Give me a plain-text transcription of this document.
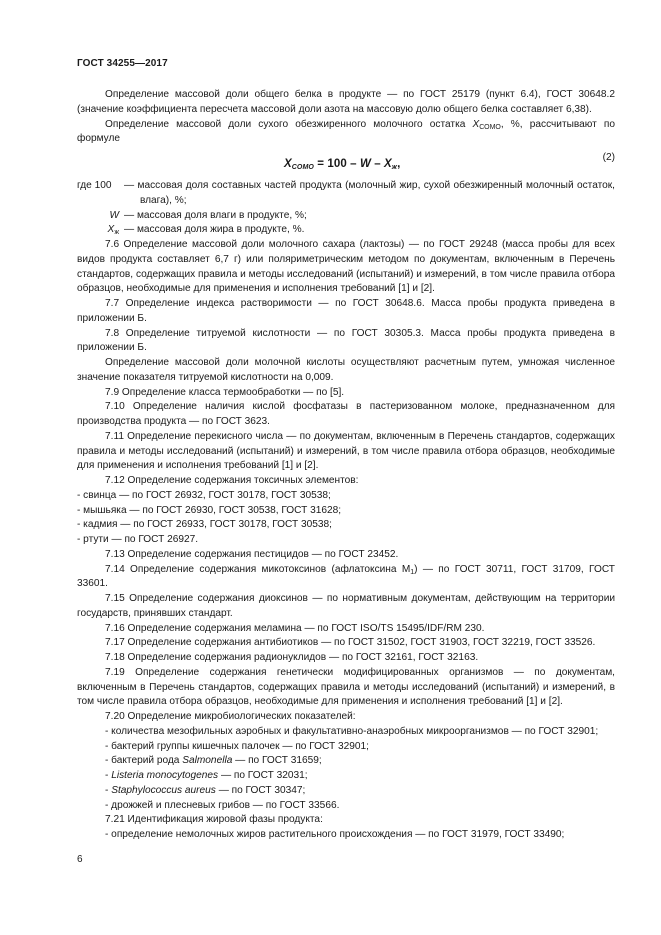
ГОСТ 34255—2017

Определение массовой доли общего белка в продукте — по ГОСТ 25179 (пункт 6.4), ГОСТ 30648.2 (значение коэффициента пересчета массовой доли азота на массовую долю общего белка составляет 6,38).

Определение массовой доли сухого обезжиренного молочного остатка $X_{СОМО}$, %, рассчитывают по формуле

$X_{СОМО} = 100 - W - X_ж$,
(2)
где 100	— массовая доля составных частей продукта (молочный жир, сухой обезжиренный молочный остаток, влага), %;
W — массовая доля влаги в продукте, %;
$X_ж$ — массовая доля жира в продукте, %.

7.6 Определение массовой доли молочного сахара (лактозы) — по ГОСТ 29248 (масса пробы для всех видов продукта составляет 6,7 г) или поляриметрическим методом по документам, включенным в Перечень стандартов, содержащих правила и методы исследований (испытаний) и измерений, в том числе правила отбора образцов, необходимые для применения и исполнения требований [1] и [2].

7.7 Определение индекса растворимости — по ГОСТ 30648.6. Масса пробы продукта приведена в приложении Б.

7.8 Определение титруемой кислотности — по ГОСТ 30305.3. Масса пробы продукта приведена в приложении Б.

Определение массовой доли молочной кислоты осуществляют расчетным путем, умножая численное значение показателя титруемой кислотности на 0,009.

7.9 Определение класса термообработки — по [5].

7.10 Определение наличия кислой фосфатазы в пастеризованном молоке, предназначенном для производства продукта — по ГОСТ 3623.

7.11 Определение перекисного числа — по документам, включенным в Перечень стандартов, содержащих правила и методы исследований (испытаний) и измерений, в том числе правила отбора образцов, необходимые для применения и исполнения требований [1] и [2].

7.12 Определение содержания токсичных элементов:

- свинца — по ГОСТ 26932, ГОСТ 30178, ГОСТ 30538;

- мышьяка — по ГОСТ 26930, ГОСТ 30538, ГОСТ 31628;

- кадмия — по ГОСТ 26933, ГОСТ 30178, ГОСТ 30538;

- ртути — по ГОСТ 26927.

7.13 Определение содержания пестицидов — по ГОСТ 23452.

7.14 Определение содержания микотоксинов (афлатоксина $М_1$) — по ГОСТ 30711, ГОСТ 31709, ГОСТ 33601.

7.15 Определение содержания диоксинов — по нормативным документам, действующим на территории государств, принявших стандарт.

7.16 Определение содержания меламина — по ГОСТ ISO/TS 15495/IDF/RM 230.

7.17 Определение содержания антибиотиков — по ГОСТ 31502, ГОСТ 31903, ГОСТ 32219, ГОСТ 33526.

7.18 Определение содержания радионуклидов — по ГОСТ 32161, ГОСТ 32163.

7.19 Определение содержания генетически модифицированных организмов — по документам, включенным в Перечень стандартов, содержащих правила и методы исследований (испытаний) и измерений, в том числе правила отбора образцов, необходимые для применения и исполнения требований [1] и [2].

7.20 Определение микробиологических показателей:

- количества мезофильных аэробных и факультативно-анаэробных микроорганизмов — по ГОСТ 32901;

- бактерий группы кишечных палочек — по ГОСТ 32901;

- бактерий рода Salmonella — по ГОСТ 31659;

- Listeria monocytogenes — по ГОСТ 32031;

- Staphylococcus aureus — по ГОСТ 30347;

- дрожжей и плесневых грибов — по ГОСТ 33566.

7.21 Идентификация жировой фазы продукта:

- определение немолочных жиров растительного происхождения — по ГОСТ 31979, ГОСТ 33490;

6
